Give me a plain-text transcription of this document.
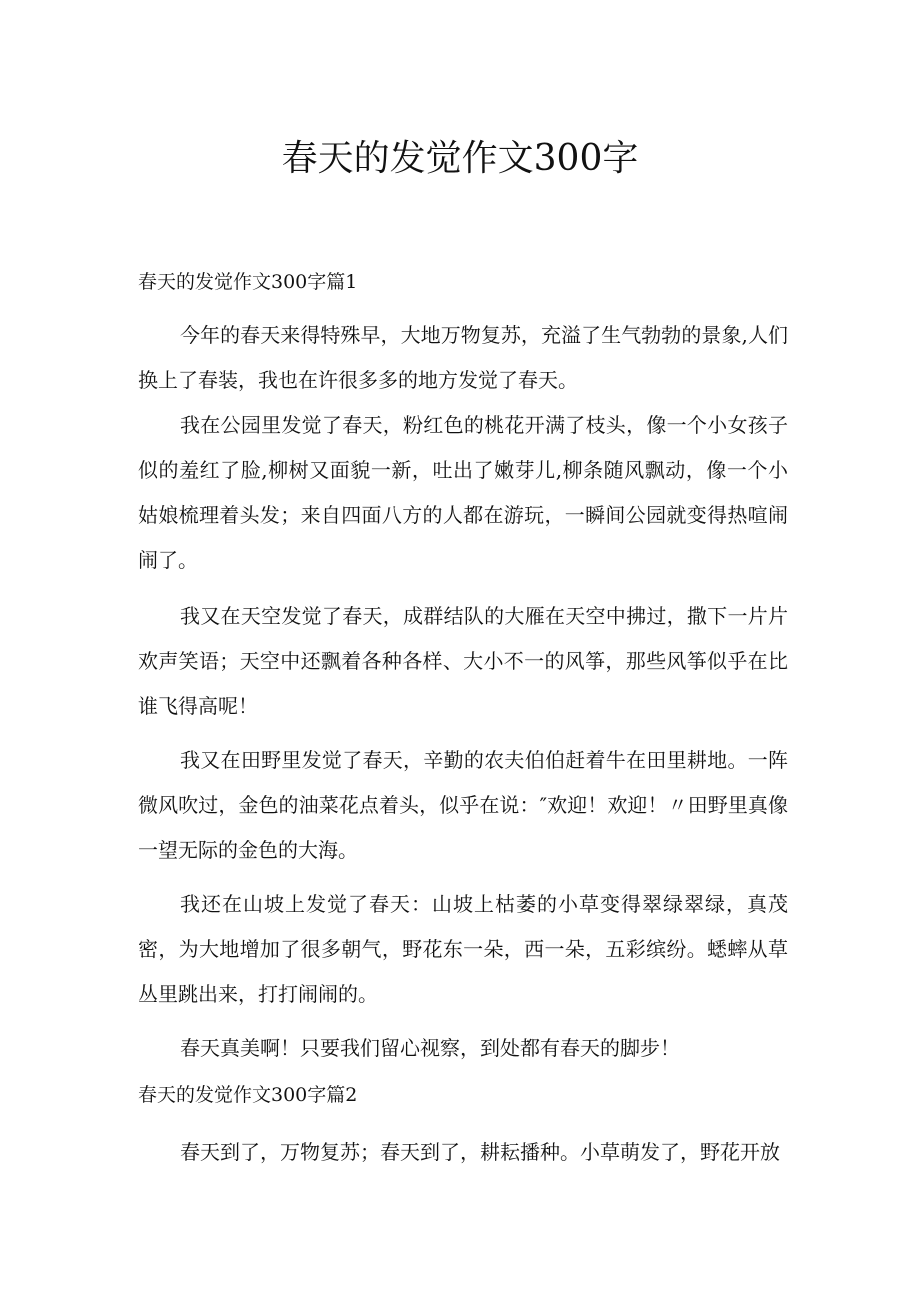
春天的发觉作文300字
春天的发觉作文300字篇1

今年的春天来得特殊早，大地万物复苏，充溢了生气勃勃的景象,人们换上了春装，我也在许很多多的地方发觉了春天。

我在公园里发觉了春天，粉红色的桃花开满了枝头，像一个小女孩子似的羞红了脸,柳树又面貌一新，吐出了嫩芽儿,柳条随风飘动，像一个小姑娘梳理着头发；来自四面八方的人都在游玩，一瞬间公园就变得热喧闹闹了。

我又在天空发觉了春天，成群结队的大雁在天空中拂过，撒下一片片欢声笑语；天空中还飘着各种各样、大小不一的风筝，那些风筝似乎在比谁飞得高呢！

我又在田野里发觉了春天，辛勤的农夫伯伯赶着牛在田里耕地。一阵微风吹过，金色的油菜花点着头，似乎在说：″欢迎！欢迎！〃田野里真像一望无际的金色的大海。

我还在山坡上发觉了春天：山坡上枯萎的小草变得翠绿翠绿，真茂密，为大地增加了很多朝气，野花东一朵，西一朵，五彩缤纷。蟋蟀从草丛里跳出来，打打闹闹的。

春天真美啊！只要我们留心视察，到处都有春天的脚步！

春天的发觉作文300字篇2

春天到了，万物复苏；春天到了，耕耘播种。小草萌发了，野花开放
